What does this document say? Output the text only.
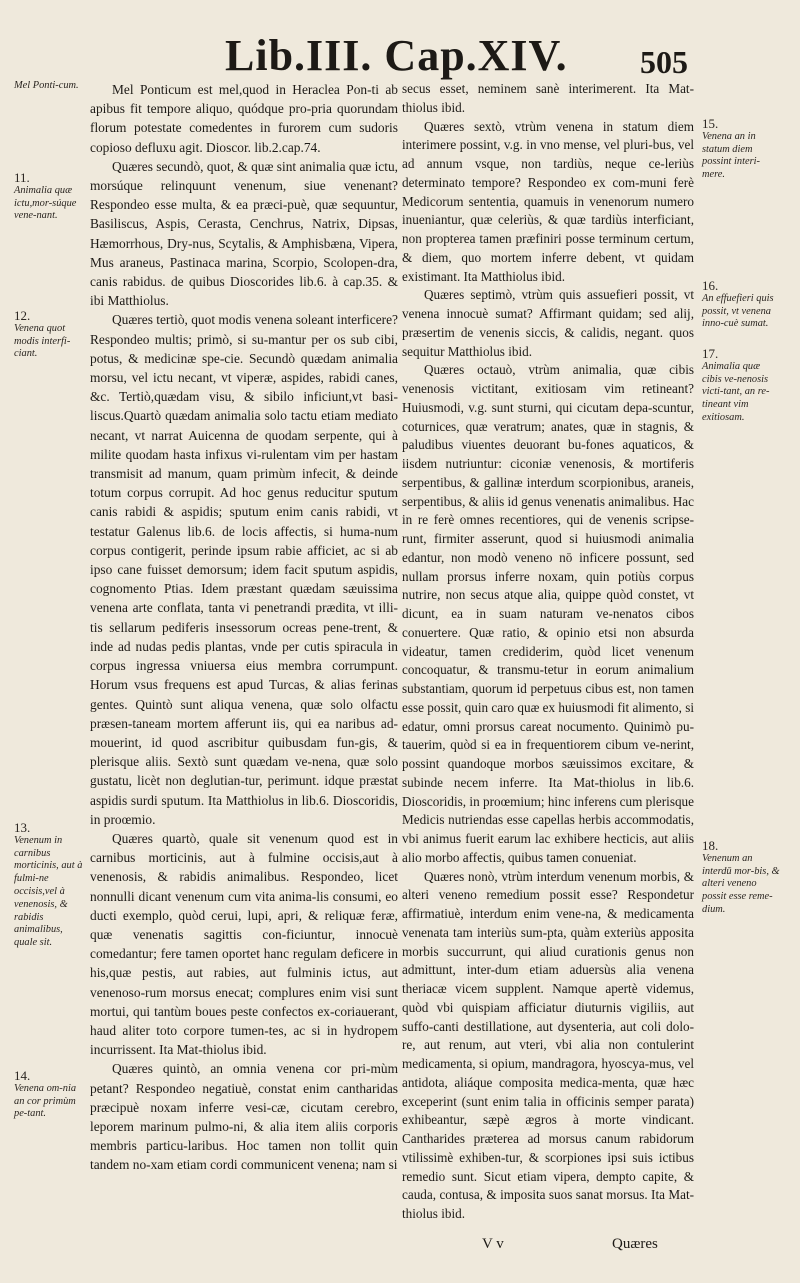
Lib.III. Cap.XIV. 505
Mel Ponti-cum.
11.
Animalia quæ ictu,mor-súque vene-nant.
12.
Venena quot modis interfi-ciant.
13.
Venenum in carnibus morticinis, aut à fulmi-ne occisis,vel à venenosis, & rabidis animalibus, quale sit.
14.
Venena om-nia an cor primùm pe-tant.

Mel Ponticum est mel,quod in Heraclea Pon-ti ab apibus fit tempore aliquo, quódque pro-pria quorundam florum potestate comedentes in furorem cum sudoris copioso defluxu agit. Dioscor. lib.2.cap.74.

Quæres secundò, quot, & quæ sint animalia quæ ictu, morsúque relinquunt venenum, siue venenant? Respondeo esse multa, & ea præci-puè, quæ sequuntur, Basiliscus, Aspis, Cerasta, Cenchrus, Natrix, Dipsas, Hæmorrhous, Dry-nus, Scytalis, & Amphisbæna, Vipera, Mus araneus, Pastinaca marina, Scorpio, Scolopen-dra, canis rabidus. de quibus Dioscorides lib.6. à cap.35. & ibi Matthiolus.

Quæres tertiò, quot modis venena soleant interficere? Respondeo multis; primò, si su-mantur per os sub cibi, potus, & medicinæ spe-cie. Secundò quædam animalia morsu, vel ictu necant, vt viperæ, aspides, rabidi canes, &c. Tertiò,quædam visu, & sibilo inficiunt,vt basi-liscus.Quartò quædam animalia solo tactu etiam mediato necant, vt narrat Auicenna de quodam serpente, qui à milite quodam hasta infixus vi-rulentam vim per hastam transmisit ad manum, quam primùm infecit, & deinde totum corpus corrupit. Ad hoc genus reducitur sputum canis rabidi & aspidis; sputum enim canis rabidi, vt testatur Galenus lib.6. de locis affectis, si huma-num corpus contigerit, perinde ipsum rabie afficiet, ac si ab ipso cane fuisset demorsum; idem facit sputum aspidis, cognomento Ptias. Idem præstant quædam sæuissima venena arte conflata, tanta vi penetrandi prædita, vt illi-tis sellarum pediferis insessorum ocreas pene-trent, & inde ad nudas pedis plantas, vnde per cutis spiracula in corpus ingressa vniuersa eius membra corrumpunt. Horum vsus frequens est apud Turcas, & alias ferinas gentes. Quintò sunt aliqua venena, quæ solo olfactu præsen-taneam mortem afferunt iis, qui ea naribus ad-mouerint, id quod ascribitur quibusdam fun-gis, & plerisque aliis. Sextò sunt quædam ve-nena, quæ solo gustatu, licèt non deglutian-tur, perimunt. idque præstat aspidis surdi sputum. Ita Matthiolus in lib.6. Dioscoridis, in proœmio.

Quæres quartò, quale sit venenum quod est in carnibus morticinis, aut à fulmine occisis,aut à venenosis, & rabidis animalibus. Respondeo, licet nonnulli dicant venenum cum vita anima-lis consumi, eo ducti exemplo, quòd cerui, lupi, apri, & reliquæ feræ, quæ venenatis sagittis con-ficiuntur, innocuè comedantur; fere tamen oportet hanc regulam deficere in his,quæ pestis, aut rabies, aut fulminis ictus, aut venenoso-rum morsus enecat; complures enim visi sunt mortui, qui tantùm boues peste confectos ex-coriauerant, haud aliter toto corpore tumen-tes, ac si in hydropem incurrissent. Ita Mat-thiolus ibid.

Quæres quintò, an omnia venena cor pri-mùm petant? Respondeo negatiuè, constat enim cantharidas præcipuè noxam inferre vesi-cæ, cicutam cerebro, leporem marinum pulmo-ni, & alia item aliis corporis membris particu-laribus. Hoc tamen non tollit quin tandem no-xam etiam cordi communicent venena; nam si

secus esset, neminem sanè interimerent. Ita Mat-thiolus ibid.

Quæres sextò, vtrùm venena in statum diem interimere possint, v.g. in vno mense, vel pluri-bus, vel ad annum vsque, non tardiùs, neque ce-leriùs determinato tempore? Respondeo ex com-muni ferè Medicorum sententia, quamuis in venenorum numero inueniantur, quæ celeriùs, & quæ tardiùs interficiant, non propterea tamen præfiniri posse terminum certum, & diem, quo mortem inferre debent, vt quidam existimant. Ita Matthiolus ibid.

Quæres septimò, vtrùm quis assuefieri possit, vt venena innocuè sumat? Affirmant quidam; sed alij, præsertim de venenis siccis, & calidis, negant. quos sequitur Matthiolus ibid.

Quæres octauò, vtrùm animalia, quæ cibis venenosis victitant, exitiosam vim retineant? Huiusmodi, v.g. sunt sturni, qui cicutam depa-scuntur, coturnices, quæ veratrum; anates, quæ in stagnis, & paludibus viuentes deuorant bu-fones aquaticos, & iisdem nutriuntur: ciconiæ venenosis, & mortiferis serpentibus, & gallinæ interdum scorpionibus, araneis, serpentibus, & aliis id genus venenatis animalibus. Hac in re ferè omnes recentiores, qui de venenis scripse-runt, firmiter asserunt, quod si huiusmodi animalia edantur, non modò veneno nō inficere possunt, sed nullam prorsus inferre noxam, quin potiùs corpus nutrire, non secus atque alia, quippe quòd constet, vt dicunt, ea in suam naturam ve-nenatos cibos conuertere. Quæ ratio, & opinio etsi non absurda videatur, tamen crediderim, quòd licet venenum concoquatur, & transmu-tetur in eorum animalium substantiam, quorum id perpetuus cibus est, non tamen esse possit, quin caro quæ ex huiusmodi fit alimento, si edatur, omni prorsus careat nocumento. Quinimò pu-tauerim, quòd si ea in frequentiorem cibum ve-nerint, possint quandoque morbos sæuissimos excitare, & subinde necem inferre. Ita Mat-thiolus in lib.6. Dioscoridis, in proœmium; hinc inferens cum plerisque Medicis nutriendas esse capellas herbis accommodatis, vbi animus fuerit earum lac exhibere hecticis, aut aliis alio morbo affectis, quibus tamen conueniat.

Quæres nonò, vtrùm interdum venenum morbis, & alteri veneno remedium possit esse? Respondetur affirmatiuè, interdum enim vene-na, & medicamenta venenata tam interiùs sum-pta, quàm exteriùs apposita morbis succurrunt, qui aliud curationis genus non admittunt, inter-dum etiam aduersùs alia venena theriacæ vicem supplent. Namque apertè videmus, quòd vbi quispiam afficiatur diuturnis vigiliis, aut suffo-canti destillatione, aut dysenteria, aut coli dolo-re, aut renum, aut vteri, vbi alia non contulerint medicamenta, si opium, mandragora, hyoscya-mus, vel antidota, aliáque composita medica-menta, quæ hæc exceperint (sunt enim talia in officinis semper parata) exhibeantur, sæpè ægros à morte vindicant. Cantharides præterea ad morsus canum rabidorum vtilissimè exhiben-tur, & scorpiones ipsi suis ictibus remedio sunt. Sicut etiam vipera, dempto capite, & cauda, contusa, & imposita suos sanat morsus. Ita Mat-thiolus ibid.

15.
Venena an in statum diem possint interi-mere.
16.
An effuefieri quis possit, vt venena inno-cuè sumat.
17.
Animalia quæ cibis ve-nenosis victi-tant, an re-tineant vim exitiosam.
18.
Venenum an interdū mor-bis, & alteri veneno possit esse reme-dium.
V v	Quæres
